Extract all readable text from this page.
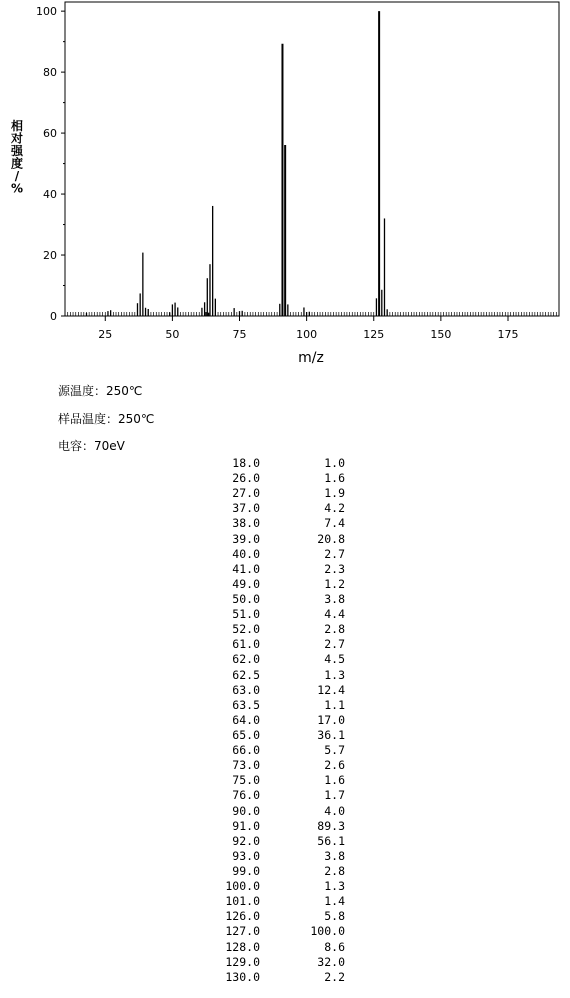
0
20
40
60
80
100
25	50	75	100	125	150	175
m/z
相
对
强
度
/
%
源温度：250℃
样品温度：250℃
电容：70eV
18.0	1.0
26.0	1.6
27.0	1.9
37.0	4.2
38.0	7.4
39.0	20.8
40.0	2.7
41.0	2.3
49.0	1.2
50.0	3.8
51.0	4.4
52.0	2.8
61.0	2.7
62.0	4.5
62.5	1.3
63.0	12.4
63.5	1.1
64.0	17.0
65.0	36.1
66.0	5.7
73.0	2.6
75.0	1.6
76.0	1.7
90.0	4.0
91.0	89.3
92.0	56.1
93.0	3.8
99.0	2.8
100.0	1.3
101.0	1.4
126.0	5.8
127.0	100.0
128.0	8.6
129.0	32.0
130.0	2.2
